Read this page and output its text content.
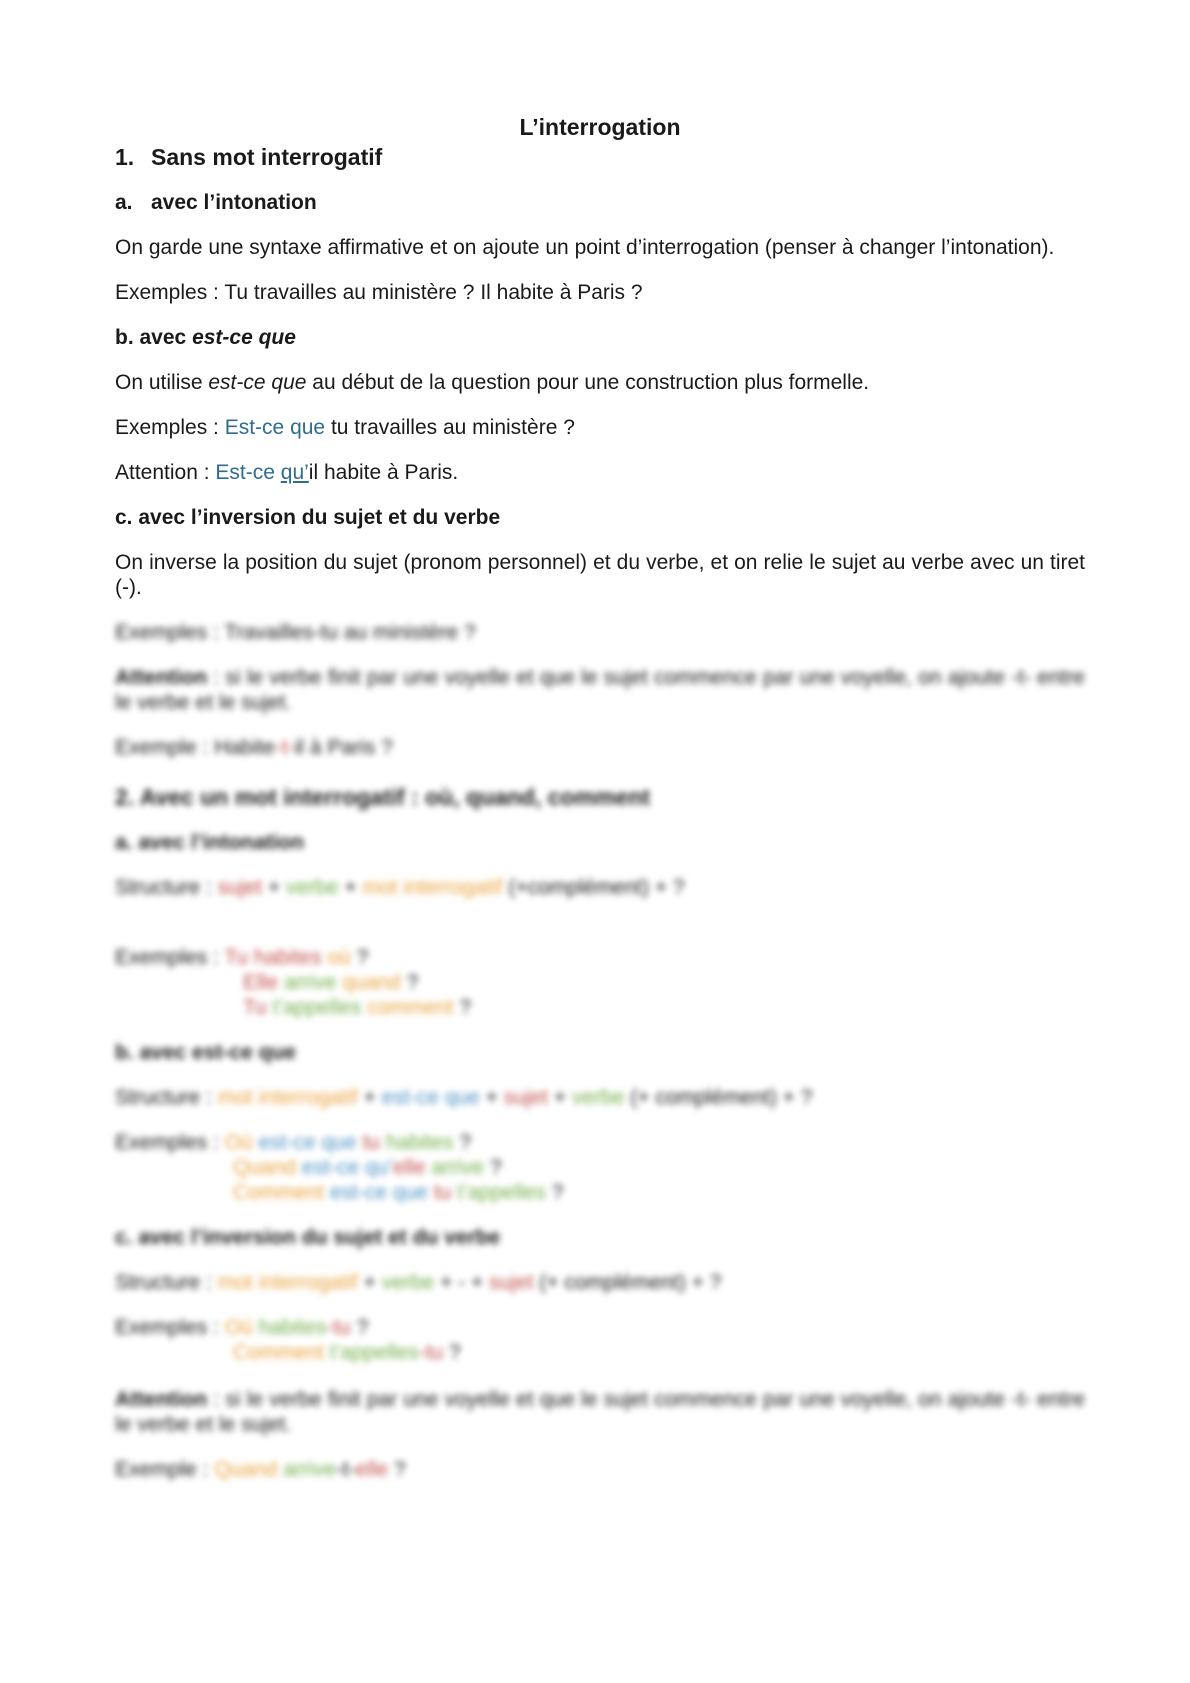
L’interrogation

1. Sans mot interrogatif

a. avec l’intonation

On garde une syntaxe affirmative et on ajoute un point d’interrogation (penser à changer l’intonation).

Exemples : Tu travailles au ministère ? Il habite à Paris ?

b. avec est-ce que

On utilise est-ce que au début de la question pour une construction plus formelle.

Exemples : Est-ce que tu travailles au ministère ?

Attention : Est-ce qu’il habite à Paris.

c. avec l’inversion du sujet et du verbe

On inverse la position du sujet (pronom personnel) et du verbe, et on relie le sujet au verbe avec un tiret (-).

Exemples : Travailles-tu au ministère ?

Attention : si le verbe finit par une voyelle et que le sujet commence par une voyelle, on ajoute -t- entre le verbe et le sujet.

Exemple : Habite-t-il à Paris ?

2. Avec un mot interrogatif : où, quand, comment

a. avec l’intonation

Structure : sujet + verbe + mot interrogatif (+complément) + ?

Exemples : Tu habites où ?

Elle arrive quand ?

Tu t’appelles comment ?

b. avec est-ce que

Structure : mot interrogatif + est-ce que + sujet + verbe (+ complément) + ?

Exemples : Où est-ce que tu habites ?

Quand est-ce qu’elle arrive ?

Comment est-ce que tu t’appelles ?

c. avec l’inversion du sujet et du verbe

Structure : mot interrogatif + verbe + - + sujet (+ complément) + ?

Exemples : Où habites-tu ?

Comment t’appelles-tu ?

Attention : si le verbe finit par une voyelle et que le sujet commence par une voyelle, on ajoute -t- entre le verbe et le sujet.

Exemple : Quand arrive-t-elle ?
